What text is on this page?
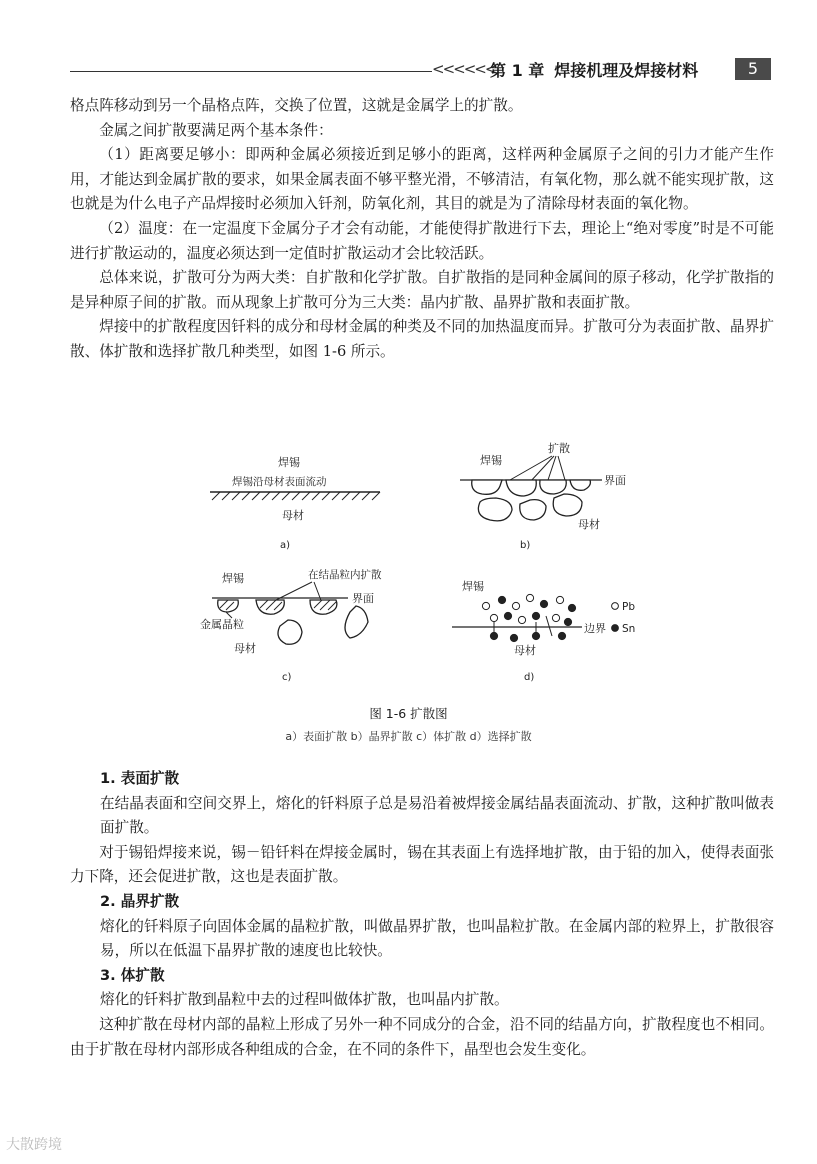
<<<<<<
第 1 章 焊接机理及焊接材料	5

格点阵移动到另一个晶格点阵，交换了位置，这就是金属学上的扩散。

金属之间扩散要满足两个基本条件：

（1）距离要足够小：即两种金属必须接近到足够小的距离，这样两种金属原子之间的引力才能产生作用，才能达到金属扩散的要求，如果金属表面不够平整光滑，不够清洁，有氧化物，那么就不能实现扩散，这也就是为什么电子产品焊接时必须加入钎剂，防氧化剂，其目的就是为了清除母材表面的氧化物。

（2）温度：在一定温度下金属分子才会有动能，才能使得扩散进行下去，理论上“绝对零度”时是不可能进行扩散运动的，温度必须达到一定值时扩散运动才会比较活跃。

总体来说，扩散可分为两大类：自扩散和化学扩散。自扩散指的是同种金属间的原子移动，化学扩散指的是异种原子间的扩散。而从现象上扩散可分为三大类：晶内扩散、晶界扩散和表面扩散。

焊接中的扩散程度因钎料的成分和母材金属的种类及不同的加热温度而异。扩散可分为表面扩散、晶界扩散、体扩散和选择扩散几种类型，如图 1-6 所示。

焊锡
焊锡沿母材表面流动
母材
a)
焊锡
扩散
界面
母材
b)
焊锡	在结晶粒内扩散
界面
金属晶粒
母材
c)
焊锡
Pb
Sn
边界
母材
d)
图 1-6 扩散图
a）表面扩散 b）晶界扩散 c）体扩散 d）选择扩散
1. 表面扩散

在结晶表面和空间交界上，熔化的钎料原子总是易沿着被焊接金属结晶表面流动、扩散，这种扩散叫做表面扩散。

对于锡铅焊接来说，锡－铅钎料在焊接金属时，锡在其表面上有选择地扩散，由于铅的加入，使得表面张力下降，还会促进扩散，这也是表面扩散。

2. 晶界扩散

熔化的钎料原子向固体金属的晶粒扩散，叫做晶界扩散，也叫晶粒扩散。在金属内部的粒界上，扩散很容易，所以在低温下晶界扩散的速度也比较快。

3. 体扩散

熔化的钎料扩散到晶粒中去的过程叫做体扩散，也叫晶内扩散。

这种扩散在母材内部的晶粒上形成了另外一种不同成分的合金，沿不同的结晶方向，扩散程度也不相同。由于扩散在母材内部形成各种组成的合金，在不同的条件下，晶型也会发生变化。

大散跨境
